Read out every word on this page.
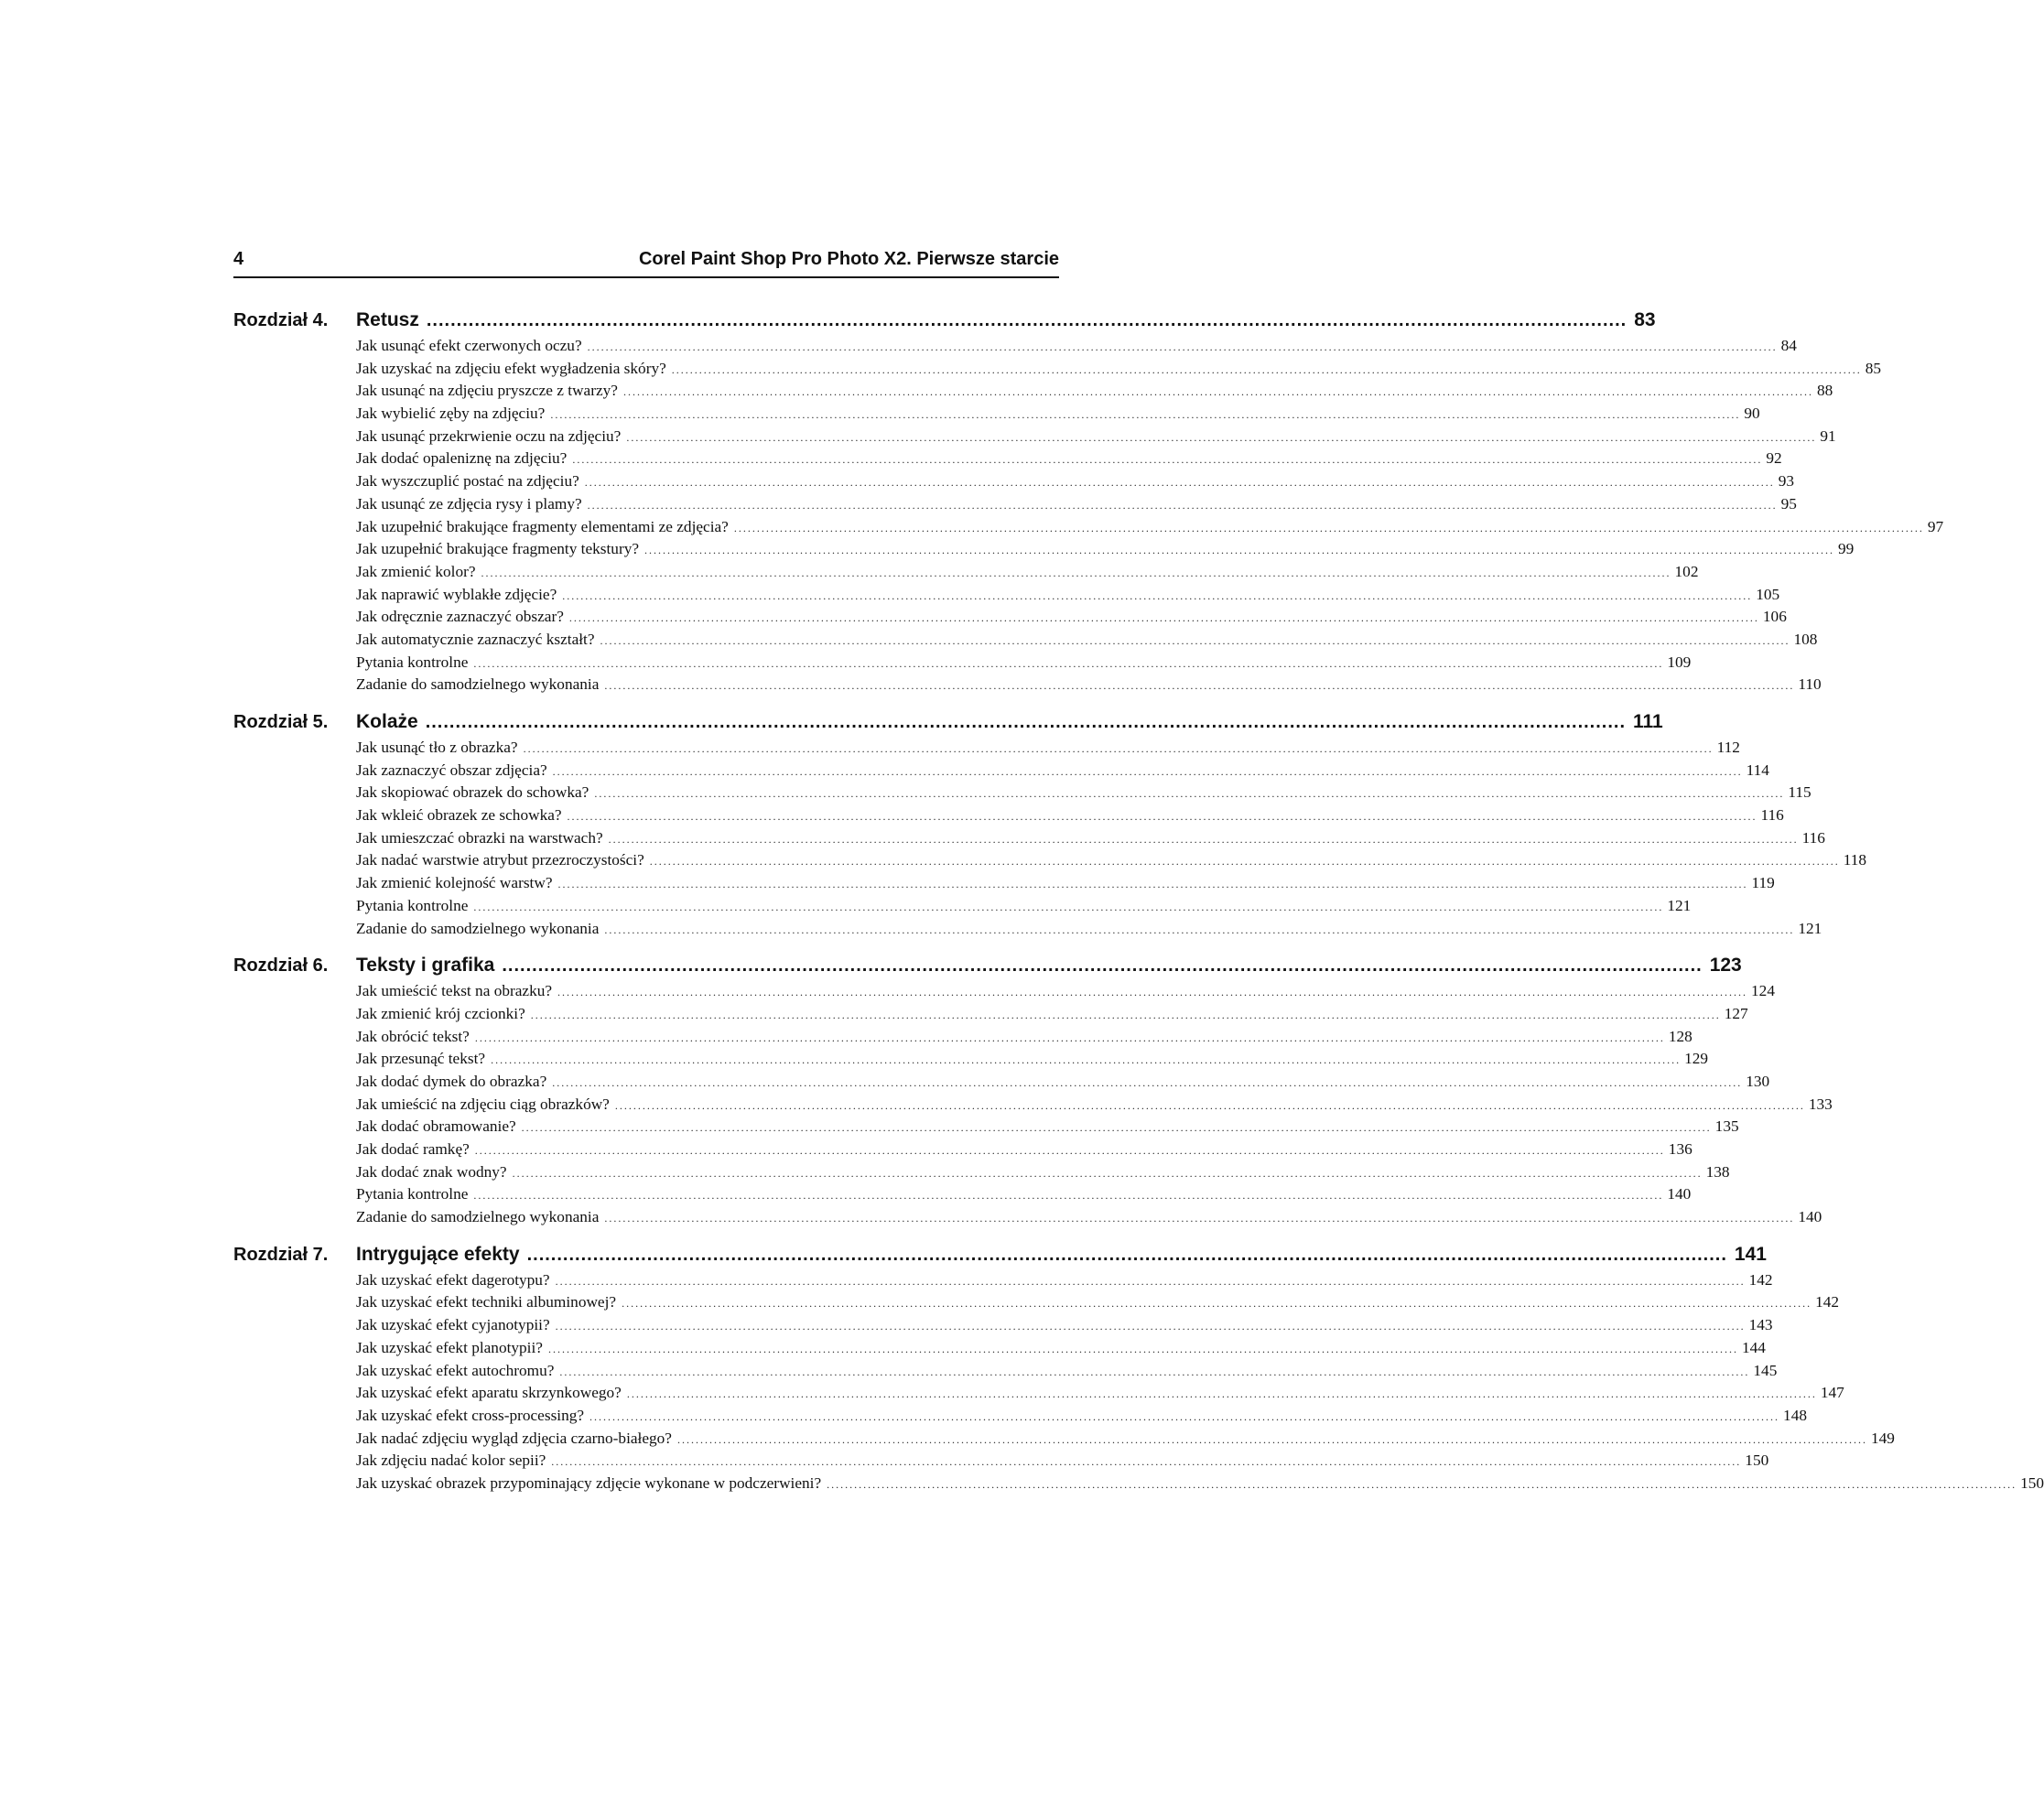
4	Corel Paint Shop Pro Photo X2. Pierwsze starcie
Rozdział 4.	Retusz ........................................................................................................................................................................................................ 83
Jak usunąć efekt czerwonych oczu? .................................................................................................................................................................................................................................................................... 84
Jak uzyskać na zdjęciu efekt wygładzenia skóry? .................................................................................................................................................................................................................................................................... 85
Jak usunąć na zdjęciu pryszcze z twarzy? .................................................................................................................................................................................................................................................................... 88
Jak wybielić zęby na zdjęciu? .................................................................................................................................................................................................................................................................... 90
Jak usunąć przekrwienie oczu na zdjęciu? .................................................................................................................................................................................................................................................................... 91
Jak dodać opaleniznę na zdjęciu? .................................................................................................................................................................................................................................................................... 92
Jak wyszczuplić postać na zdjęciu? .................................................................................................................................................................................................................................................................... 93
Jak usunąć ze zdjęcia rysy i plamy? .................................................................................................................................................................................................................................................................... 95
Jak uzupełnić brakujące fragmenty elementami ze zdjęcia? .................................................................................................................................................................................................................................................................... 97
Jak uzupełnić brakujące fragmenty tekstury? .................................................................................................................................................................................................................................................................... 99
Jak zmienić kolor? .................................................................................................................................................................................................................................................................... 102
Jak naprawić wyblakłe zdjęcie? .................................................................................................................................................................................................................................................................... 105
Jak odręcznie zaznaczyć obszar? .................................................................................................................................................................................................................................................................... 106
Jak automatycznie zaznaczyć kształt? .................................................................................................................................................................................................................................................................... 108
Pytania kontrolne .................................................................................................................................................................................................................................................................... 109
Zadanie do samodzielnego wykonania .................................................................................................................................................................................................................................................................... 110
Rozdział 5.	Kolaże ........................................................................................................................................................................................................ 111
Jak usunąć tło z obrazka? .................................................................................................................................................................................................................................................................... 112
Jak zaznaczyć obszar zdjęcia? .................................................................................................................................................................................................................................................................... 114
Jak skopiować obrazek do schowka? .................................................................................................................................................................................................................................................................... 115
Jak wkleić obrazek ze schowka? .................................................................................................................................................................................................................................................................... 116
Jak umieszczać obrazki na warstwach? .................................................................................................................................................................................................................................................................... 116
Jak nadać warstwie atrybut przezroczystości? .................................................................................................................................................................................................................................................................... 118
Jak zmienić kolejność warstw? .................................................................................................................................................................................................................................................................... 119
Pytania kontrolne .................................................................................................................................................................................................................................................................... 121
Zadanie do samodzielnego wykonania .................................................................................................................................................................................................................................................................... 121
Rozdział 6.	Teksty i grafika ........................................................................................................................................................................................................ 123
Jak umieścić tekst na obrazku? .................................................................................................................................................................................................................................................................... 124
Jak zmienić krój czcionki? .................................................................................................................................................................................................................................................................... 127
Jak obrócić tekst? .................................................................................................................................................................................................................................................................... 128
Jak przesunąć tekst? .................................................................................................................................................................................................................................................................... 129
Jak dodać dymek do obrazka? .................................................................................................................................................................................................................................................................... 130
Jak umieścić na zdjęciu ciąg obrazków? .................................................................................................................................................................................................................................................................... 133
Jak dodać obramowanie? .................................................................................................................................................................................................................................................................... 135
Jak dodać ramkę? .................................................................................................................................................................................................................................................................... 136
Jak dodać znak wodny? .................................................................................................................................................................................................................................................................... 138
Pytania kontrolne .................................................................................................................................................................................................................................................................... 140
Zadanie do samodzielnego wykonania .................................................................................................................................................................................................................................................................... 140
Rozdział 7.	Intrygujące efekty ........................................................................................................................................................................................................ 141
Jak uzyskać efekt dagerotypu? .................................................................................................................................................................................................................................................................... 142
Jak uzyskać efekt techniki albuminowej? .................................................................................................................................................................................................................................................................... 142
Jak uzyskać efekt cyjanotypii? .................................................................................................................................................................................................................................................................... 143
Jak uzyskać efekt planotypii? .................................................................................................................................................................................................................................................................... 144
Jak uzyskać efekt autochromu? .................................................................................................................................................................................................................................................................... 145
Jak uzyskać efekt aparatu skrzynkowego? .................................................................................................................................................................................................................................................................... 147
Jak uzyskać efekt cross-processing? .................................................................................................................................................................................................................................................................... 148
Jak nadać zdjęciu wygląd zdjęcia czarno-białego? .................................................................................................................................................................................................................................................................... 149
Jak zdjęciu nadać kolor sepii? .................................................................................................................................................................................................................................................................... 150
Jak uzyskać obrazek przypominający zdjęcie wykonane w podczerwieni? .................................................................................................................................................................................................................................................................... 150
